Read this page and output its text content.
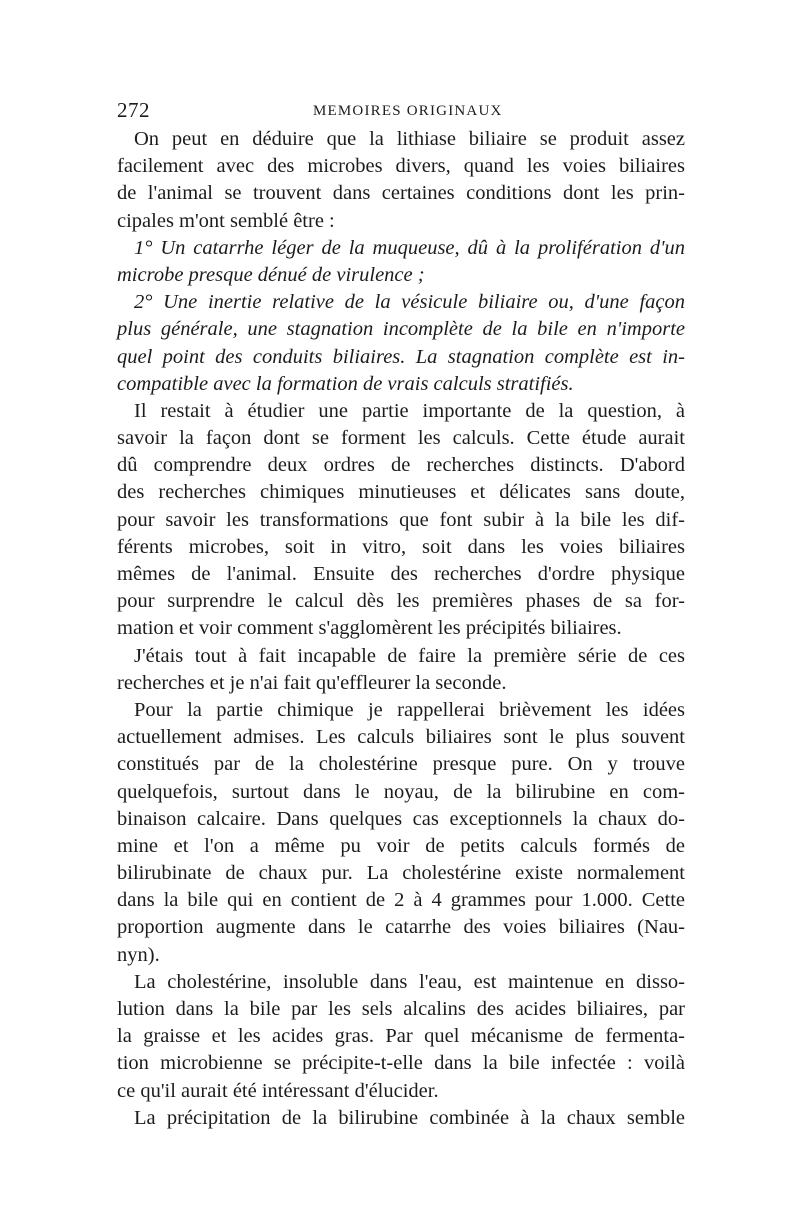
272	MEMOIRES ORIGINAUX
On peut en déduire que la lithiase biliaire se produit assez
facilement avec des microbes divers, quand les voies biliaires
de l'animal se trouvent dans certaines conditions dont les prin-
cipales m'ont semblé être :
1° Un catarrhe léger de la muqueuse, dû à la prolifération d'un
microbe presque dénué de virulence ;
2° Une inertie relative de la vésicule biliaire ou, d'une façon
plus générale, une stagnation incomplète de la bile en n'importe
quel point des conduits biliaires. La stagnation complète est in-
compatible avec la formation de vrais calculs stratifiés.
Il restait à étudier une partie importante de la question, à
savoir la façon dont se forment les calculs. Cette étude aurait
dû comprendre deux ordres de recherches distincts. D'abord
des recherches chimiques minutieuses et délicates sans doute,
pour savoir les transformations que font subir à la bile les dif-
férents microbes, soit in vitro, soit dans les voies biliaires
mêmes de l'animal. Ensuite des recherches d'ordre physique
pour surprendre le calcul dès les premières phases de sa for-
mation et voir comment s'agglomèrent les précipités biliaires.
J'étais tout à fait incapable de faire la première série de ces
recherches et je n'ai fait qu'effleurer la seconde.
Pour la partie chimique je rappellerai brièvement les idées
actuellement admises. Les calculs biliaires sont le plus souvent
constitués par de la cholestérine presque pure. On y trouve
quelquefois, surtout dans le noyau, de la bilirubine en com-
binaison calcaire. Dans quelques cas exceptionnels la chaux do-
mine et l'on a même pu voir de petits calculs formés de
bilirubinate de chaux pur. La cholestérine existe normalement
dans la bile qui en contient de 2 à 4 grammes pour 1.000. Cette
proportion augmente dans le catarrhe des voies biliaires (Nau-
nyn).
La cholestérine, insoluble dans l'eau, est maintenue en disso-
lution dans la bile par les sels alcalins des acides biliaires, par
la graisse et les acides gras. Par quel mécanisme de fermenta-
tion microbienne se précipite-t-elle dans la bile infectée : voilà
ce qu'il aurait été intéressant d'élucider.
La précipitation de la bilirubine combinée à la chaux semble
